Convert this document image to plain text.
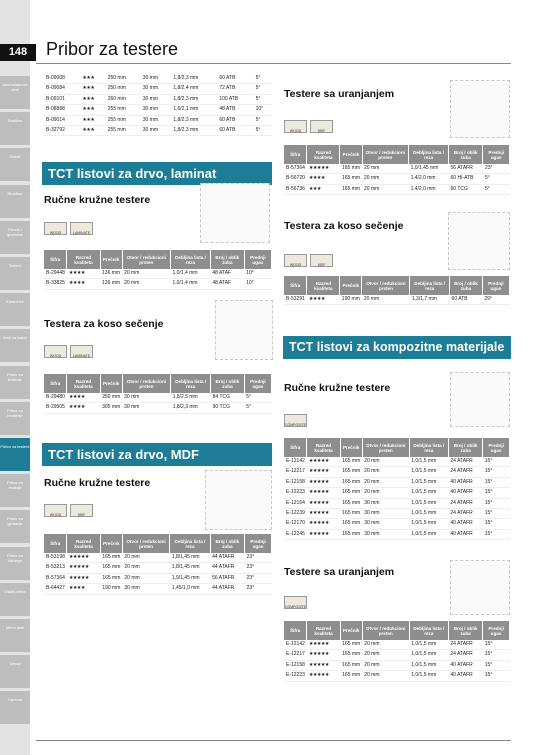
Akumulatorski alati
Bušilice
Čekići
Brusilice
Rende i glodalice
Testere
Klamerice
Alati za baštu
Pribor za bušenje
Pribor za brušenje
Pribor za testere
Pribor za rezanje
Pribor za glodanje
Pribor za čišćenje
Ostali pribor
Merni alati
Delovi
Oprema
148	Pribor za testere
B-09008	★★★	250 mm	30 mm	1,8/2,3 mm	60 ATB	5°
B-09084	★★★	250 mm	30 mm	1,8/2,4 mm	72 ATB	5°
B-09101	★★★	260 mm	30 mm	1,8/2,3 mm	100 ATB	5°
B-08888	★★★	255 mm	30 mm	1,6/2,1 mm	48 ATB	10°
B-09014	★★★	255 mm	30 mm	1,8/2,3 mm	60 ATB	5°
B-32792	★★★	255 mm	30 mm	1,8/2,3 mm	60 ATB	5°
TCT listovi za drvo, laminat
Ručne kružne testere
WOOD	LAMINATE
Šifra	Razred kvaliteta	Prečnik	Otvor / redukcioni prsten	Debljina lista / reza	Broj / oblik zuba	Prednji ugao
B-29448	★★★★	136 mm	20 mm	1,0/1,4 mm	48 ATAF	10°
B-33825	★★★★	136 mm	20 mm	1,0/1,4 mm	48 ATAF	10°
Testera za koso sečenje
WOOD	LAMINATE
Šifra	Razred kvaliteta	Prečnik	Otvor / redukcioni prsten	Debljina lista / reza	Broj / oblik zuba	Prednji ugao
B-29480	★★★★	250 mm	30 mm	1,8/2,5 mm	84 TCG	5°
B-29505	★★★★	305 mm	30 mm	1,8/2,3 mm	90 TCG	5°
TCT listovi za drvo, MDF
Ručne kružne testere
WOOD	MDF
Šifra	Razred kvaliteta	Prečnik	Otvor / redukcioni prsten	Debljina lista / reza	Broj / oblik zuba	Prednji ugao
B-53198	★★★★★	165 mm	20 mm	1,8/1,45 mm	44 ATAFR	23°
B-53213	★★★★★	165 mm	20 mm	1,8/1,45 mm	44 ATAFR	23°
B-57364	★★★★★	165 mm	20 mm	1,9/1,45 mm	56 ATAFR	23°
B-64427	★★★★	190 mm	30 mm	1,45/1,0 mm	44 ATAFR	23°
Testere sa uranjanjem
WOOD	MDF
Šifra	Razred kvaliteta	Prečnik	Otvor / redukcioni prsten	Debljina lista / reza	Broj / oblik zuba	Prednji ugao
B-57364	★★★★★	165 mm	20 mm	1,0/1,45 mm	56 ATAFR	23°
B-56720	★★★★	165 mm	20 mm	1,4/2,0 mm	60 HI-ATB	5°
B-56736	★★★	165 mm	20 mm	1,4/2,0 mm	60 TCG	5°
Testera za koso sečenje
WOOD	MDF
Šifra	Razred kvaliteta	Prečnik	Otvor / redukcioni prsten	Debljina lista / reza	Broj / oblik zuba	Prednji ugao
B-53291	★★★★	190 mm	20 mm	1,3/1,7 mm	60 ATB	29°
TCT listovi za kompozitne materijale
Ručne kružne testere
COMPOSITE
Šifra	Razred kvaliteta	Prečnik	Otvor / redukcioni prsten	Debljina lista / reza	Broj / oblik zuba	Prednji ugao
E-12142	★★★★★	165 mm	20 mm	1,0/1,5 mm	24 ATAFR	15°
E-12217	★★★★★	165 mm	20 mm	1,0/1,5 mm	24 ATAFR	15°
E-12158	★★★★★	165 mm	20 mm	1,0/1,5 mm	40 ATAFR	15°
E-12223	★★★★★	165 mm	20 mm	1,0/1,5 mm	40 ATAFR	15°
E-12164	★★★★★	165 mm	30 mm	1,0/1,5 mm	24 ATAFR	15°
E-12239	★★★★★	165 mm	30 mm	1,0/1,5 mm	24 ATAFR	15°
E-12170	★★★★★	165 mm	30 mm	1,0/1,5 mm	40 ATAFR	15°
E-12245	★★★★★	165 mm	30 mm	1,0/1,5 mm	40 ATAFR	15°
Testere sa uranjanjem
COMPOSITE
Šifra	Razred kvaliteta	Prečnik	Otvor / redukcioni prsten	Debljina lista / reza	Broj / oblik zuba	Prednji ugao
E-12142	★★★★★	165 mm	20 mm	1,0/1,5 mm	24 ATAFR	15°
E-12217	★★★★★	165 mm	20 mm	1,0/1,5 mm	24 ATAFR	15°
E-12158	★★★★★	165 mm	20 mm	1,0/1,5 mm	40 ATAFR	15°
E-12223	★★★★★	165 mm	20 mm	1,0/1,5 mm	40 ATAFR	15°
